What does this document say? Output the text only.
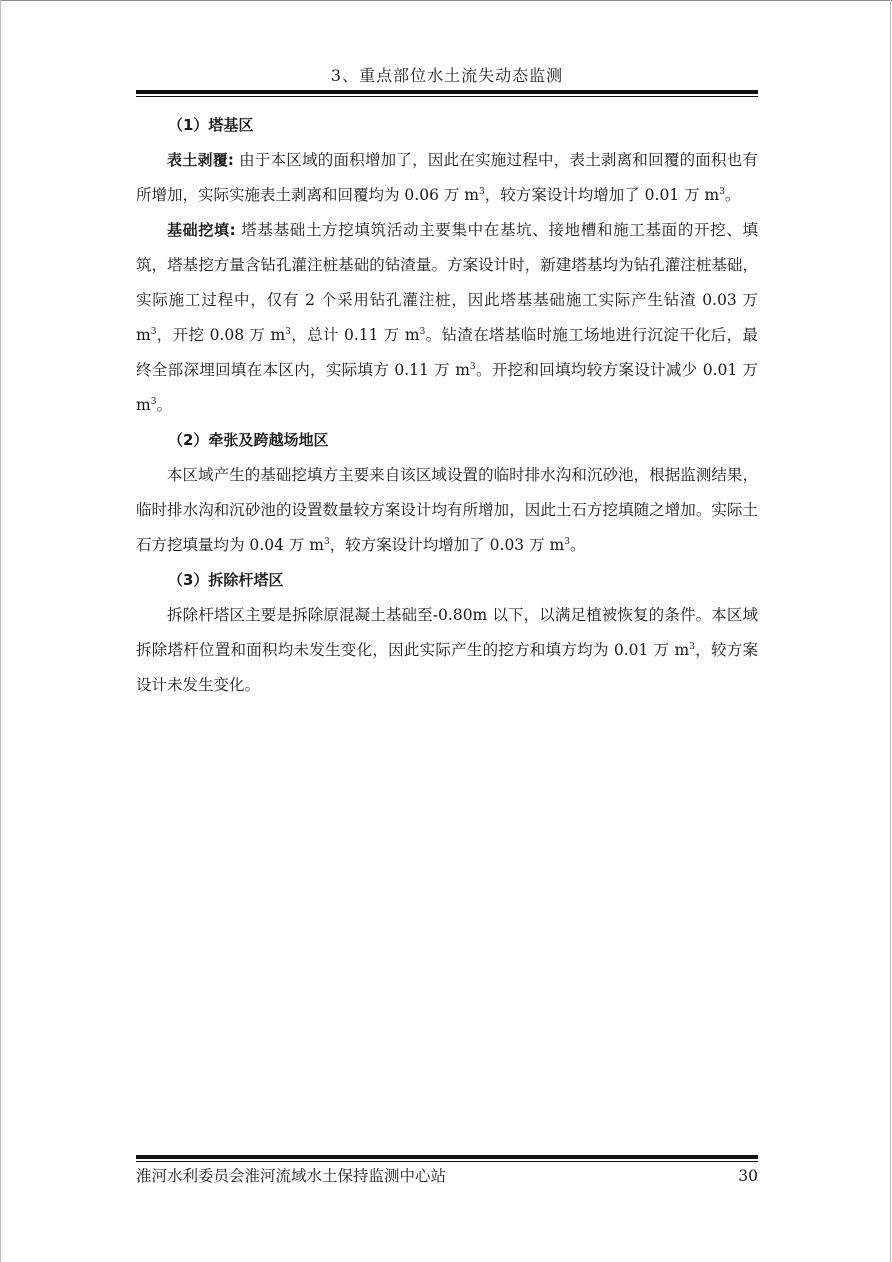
3、重点部位水土流失动态监测

（1）塔基区

表土剥覆: 由于本区域的面积增加了，因此在实施过程中，表土剥离和回覆的面积也有所增加，实际实施表土剥离和回覆均为 0.06 万 $m^3$，较方案设计均增加了 0.01 万 $m^3$。

基础挖填: 塔基基础土方挖填筑活动主要集中在基坑、接地槽和施工基面的开挖、填筑，塔基挖方量含钻孔灌注桩基础的钻渣量。方案设计时，新建塔基均为钻孔灌注桩基础，实际施工过程中，仅有 2 个采用钻孔灌注桩，因此塔基基础施工实际产生钻渣 0.03 万 $m^3$，开挖 0.08 万 $m^3$，总计 0.11 万 $m^3$。钻渣在塔基临时施工场地进行沉淀干化后，最终全部深埋回填在本区内，实际填方 0.11 万 $m^3$。开挖和回填均较方案设计减少 0.01 万 $m^3$。

（2）牵张及跨越场地区

本区域产生的基础挖填方主要来自该区域设置的临时排水沟和沉砂池，根据监测结果，临时排水沟和沉砂池的设置数量较方案设计均有所增加，因此土石方挖填随之增加。实际土石方挖填量均为 0.04 万 $m^3$，较方案设计均增加了 0.03 万 $m^3$。

（3）拆除杆塔区

拆除杆塔区主要是拆除原混凝土基础至-0.80m 以下，以满足植被恢复的条件。本区域拆除塔杆位置和面积均未发生变化，因此实际产生的挖方和填方均为 0.01 万 $m^3$，较方案设计未发生变化。

淮河水利委员会淮河流域水土保持监测中心站	30
